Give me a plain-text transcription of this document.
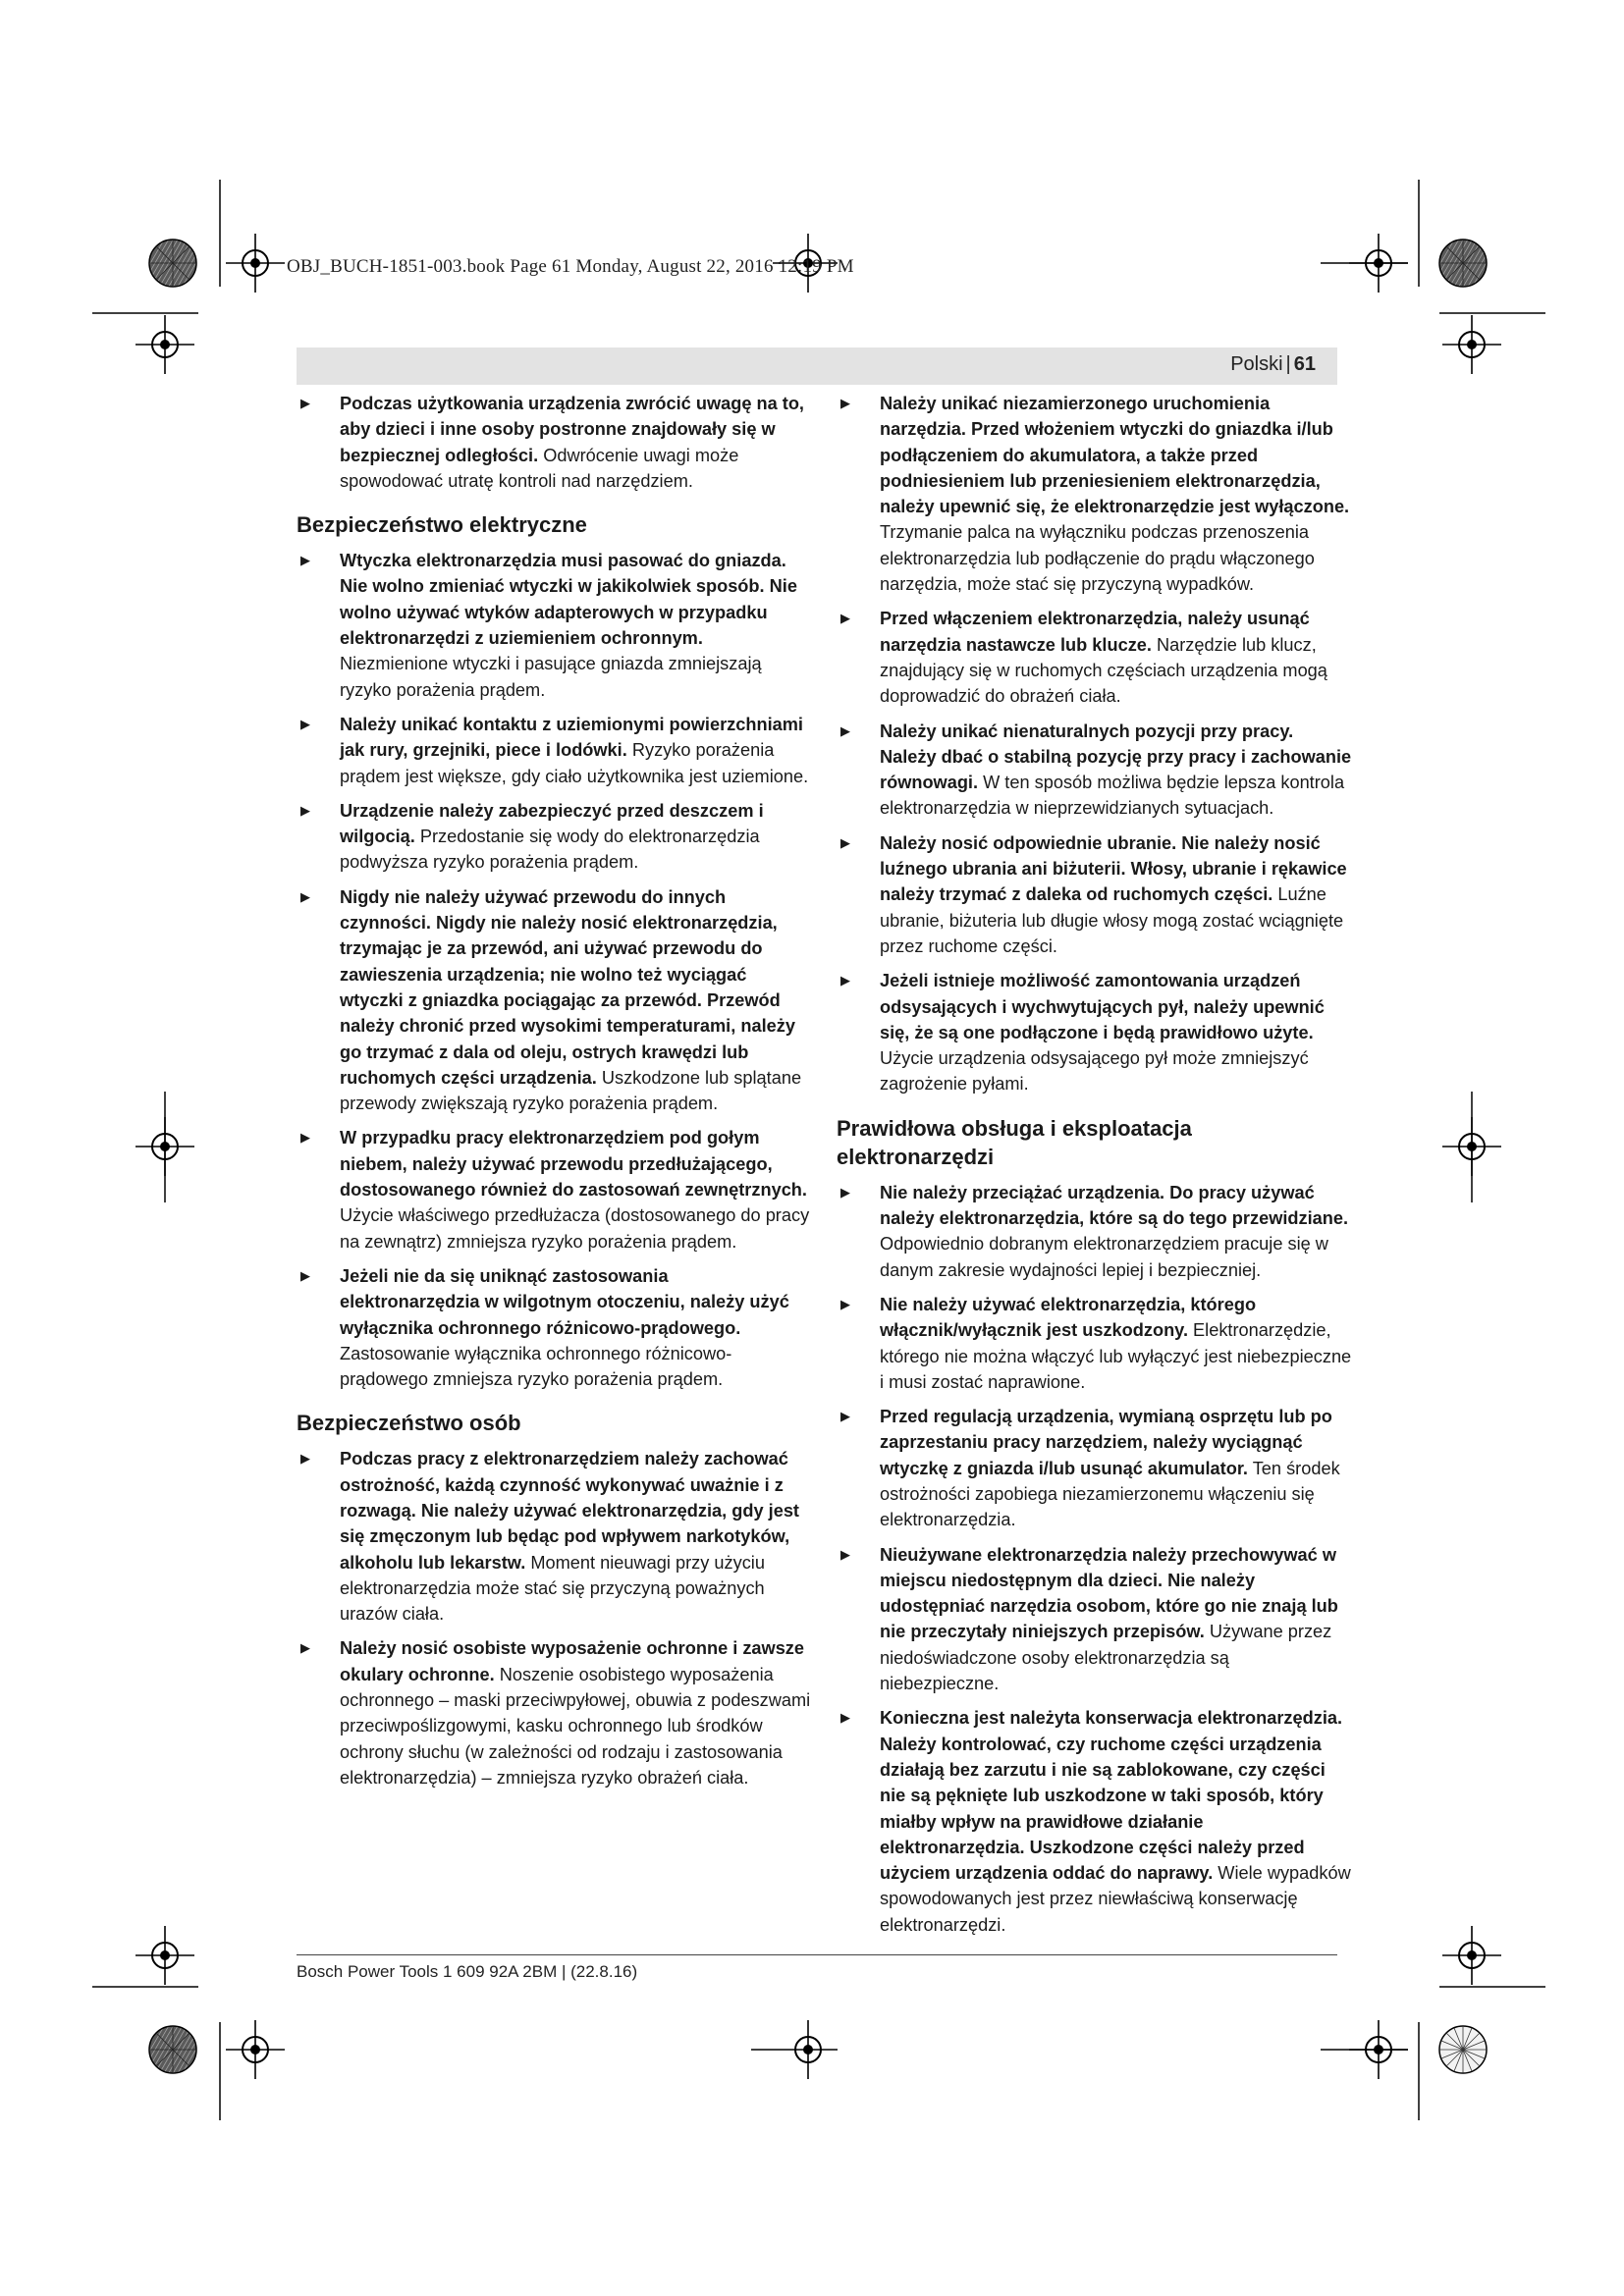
OBJ_BUCH-1851-003.book Page 61 Monday, August 22, 2016 12:19 PM
Polski | 61
▶ Podczas użytkowania urządzenia zwrócić uwagę na to, aby dzieci i inne osoby postronne znajdowały się w bezpiecznej odległości. Odwrócenie uwagi może spowodować utratę kontroli nad narzędziem.
Bezpieczeństwo elektryczne
▶ Wtyczka elektronarzędzia musi pasować do gniazda. Nie wolno zmieniać wtyczki w jakikolwiek sposób. Nie wolno używać wtyków adapterowych w przypadku elektronarzędzi z uziemieniem ochronnym. Niezmienione wtyczki i pasujące gniazda zmniejszają ryzyko porażenia prądem.
▶ Należy unikać kontaktu z uziemionymi powierzchniami jak rury, grzejniki, piece i lodówki. Ryzyko porażenia prądem jest większe, gdy ciało użytkownika jest uziemione.
▶ Urządzenie należy zabezpieczyć przed deszczem i wilgocią. Przedostanie się wody do elektronarzędzia podwyższa ryzyko porażenia prądem.
▶ Nigdy nie należy używać przewodu do innych czynności. Nigdy nie należy nosić elektronarzędzia, trzymając je za przewód, ani używać przewodu do zawieszenia urządzenia; nie wolno też wyciągać wtyczki z gniazdka pociągając za przewód. Przewód należy chronić przed wysokimi temperaturami, należy go trzymać z dala od oleju, ostrych krawędzi lub ruchomych części urządzenia. Uszkodzone lub splątane przewody zwiększają ryzyko porażenia prądem.
▶ W przypadku pracy elektronarzędziem pod gołym niebem, należy używać przewodu przedłużającego, dostosowanego również do zastosowań zewnętrznych. Użycie właściwego przedłużacza (dostosowanego do pracy na zewnątrz) zmniejsza ryzyko porażenia prądem.
▶ Jeżeli nie da się uniknąć zastosowania elektronarzędzia w wilgotnym otoczeniu, należy użyć wyłącznika ochronnego różnicowo-prądowego. Zastosowanie wyłącznika ochronnego różnicowo-prądowego zmniejsza ryzyko porażenia prądem.
Bezpieczeństwo osób
▶ Podczas pracy z elektronarzędziem należy zachować ostrożność, każdą czynność wykonywać uważnie i z rozwagą. Nie należy używać elektronarzędzia, gdy jest się zmęczonym lub będąc pod wpływem narkotyków, alkoholu lub lekarstw. Moment nieuwagi przy użyciu elektronarzędzia może stać się przyczyną poważnych urazów ciała.
▶ Należy nosić osobiste wyposażenie ochronne i zawsze okulary ochronne. Noszenie osobistego wyposażenia ochronnego – maski przeciwpyłowej, obuwia z podeszwami przeciwpoślizgowymi, kasku ochronnego lub środków ochrony słuchu (w zależności od rodzaju i zastosowania elektronarzędzia) – zmniejsza ryzyko obrażeń ciała.
▶ Należy unikać niezamierzonego uruchomienia narzędzia. Przed włożeniem wtyczki do gniazdka i/lub podłączeniem do akumulatora, a także przed podniesieniem lub przeniesieniem elektronarzędzia, należy upewnić się, że elektronarzędzie jest wyłączone. Trzymanie palca na wyłączniku podczas przenoszenia elektronarzędzia lub podłączenie do prądu włączonego narzędzia, może stać się przyczyną wypadków.
▶ Przed włączeniem elektronarzędzia, należy usunąć narzędzia nastawcze lub klucze. Narzędzie lub klucz, znajdujący się w ruchomych częściach urządzenia mogą doprowadzić do obrażeń ciała.
▶ Należy unikać nienaturalnych pozycji przy pracy. Należy dbać o stabilną pozycję przy pracy i zachowanie równowagi. W ten sposób możliwa będzie lepsza kontrola elektronarzędzia w nieprzewidzianych sytuacjach.
▶ Należy nosić odpowiednie ubranie. Nie należy nosić luźnego ubrania ani biżuterii. Włosy, ubranie i rękawice należy trzymać z daleka od ruchomych części. Luźne ubranie, biżuteria lub długie włosy mogą zostać wciągnięte przez ruchome części.
▶ Jeżeli istnieje możliwość zamontowania urządzeń odsysających i wychwytujących pył, należy upewnić się, że są one podłączone i będą prawidłowo użyte. Użycie urządzenia odsysającego pył może zmniejszyć zagrożenie pyłami.
Prawidłowa obsługa i eksploatacja elektronarzędzi
▶ Nie należy przeciążać urządzenia. Do pracy używać należy elektronarzędzia, które są do tego przewidziane. Odpowiednio dobranym elektronarzędziem pracuje się w danym zakresie wydajności lepiej i bezpieczniej.
▶ Nie należy używać elektronarzędzia, którego włącznik/wyłącznik jest uszkodzony. Elektronarzędzie, którego nie można włączyć lub wyłączyć jest niebezpieczne i musi zostać naprawione.
▶ Przed regulacją urządzenia, wymianą osprzętu lub po zaprzestaniu pracy narzędziem, należy wyciągnąć wtyczkę z gniazda i/lub usunąć akumulator. Ten środek ostrożności zapobiega niezamierzonemu włączeniu się elektronarzędzia.
▶ Nieużywane elektronarzędzia należy przechowywać w miejscu niedostępnym dla dzieci. Nie należy udostępniać narzędzia osobom, które go nie znają lub nie przeczytały niniejszych przepisów. Używane przez niedoświadczone osoby elektronarzędzia są niebezpieczne.
▶ Konieczna jest należyta konserwacja elektronarzędzia. Należy kontrolować, czy ruchome części urządzenia działają bez zarzutu i nie są zablokowane, czy części nie są pęknięte lub uszkodzone w taki sposób, który miałby wpływ na prawidłowe działanie elektronarzędzia. Uszkodzone części należy przed użyciem urządzenia oddać do naprawy. Wiele wypadków spowodowanych jest przez niewłaściwą konserwację elektronarzędzi.
Bosch Power Tools 1 609 92A 2BM | (22.8.16)
